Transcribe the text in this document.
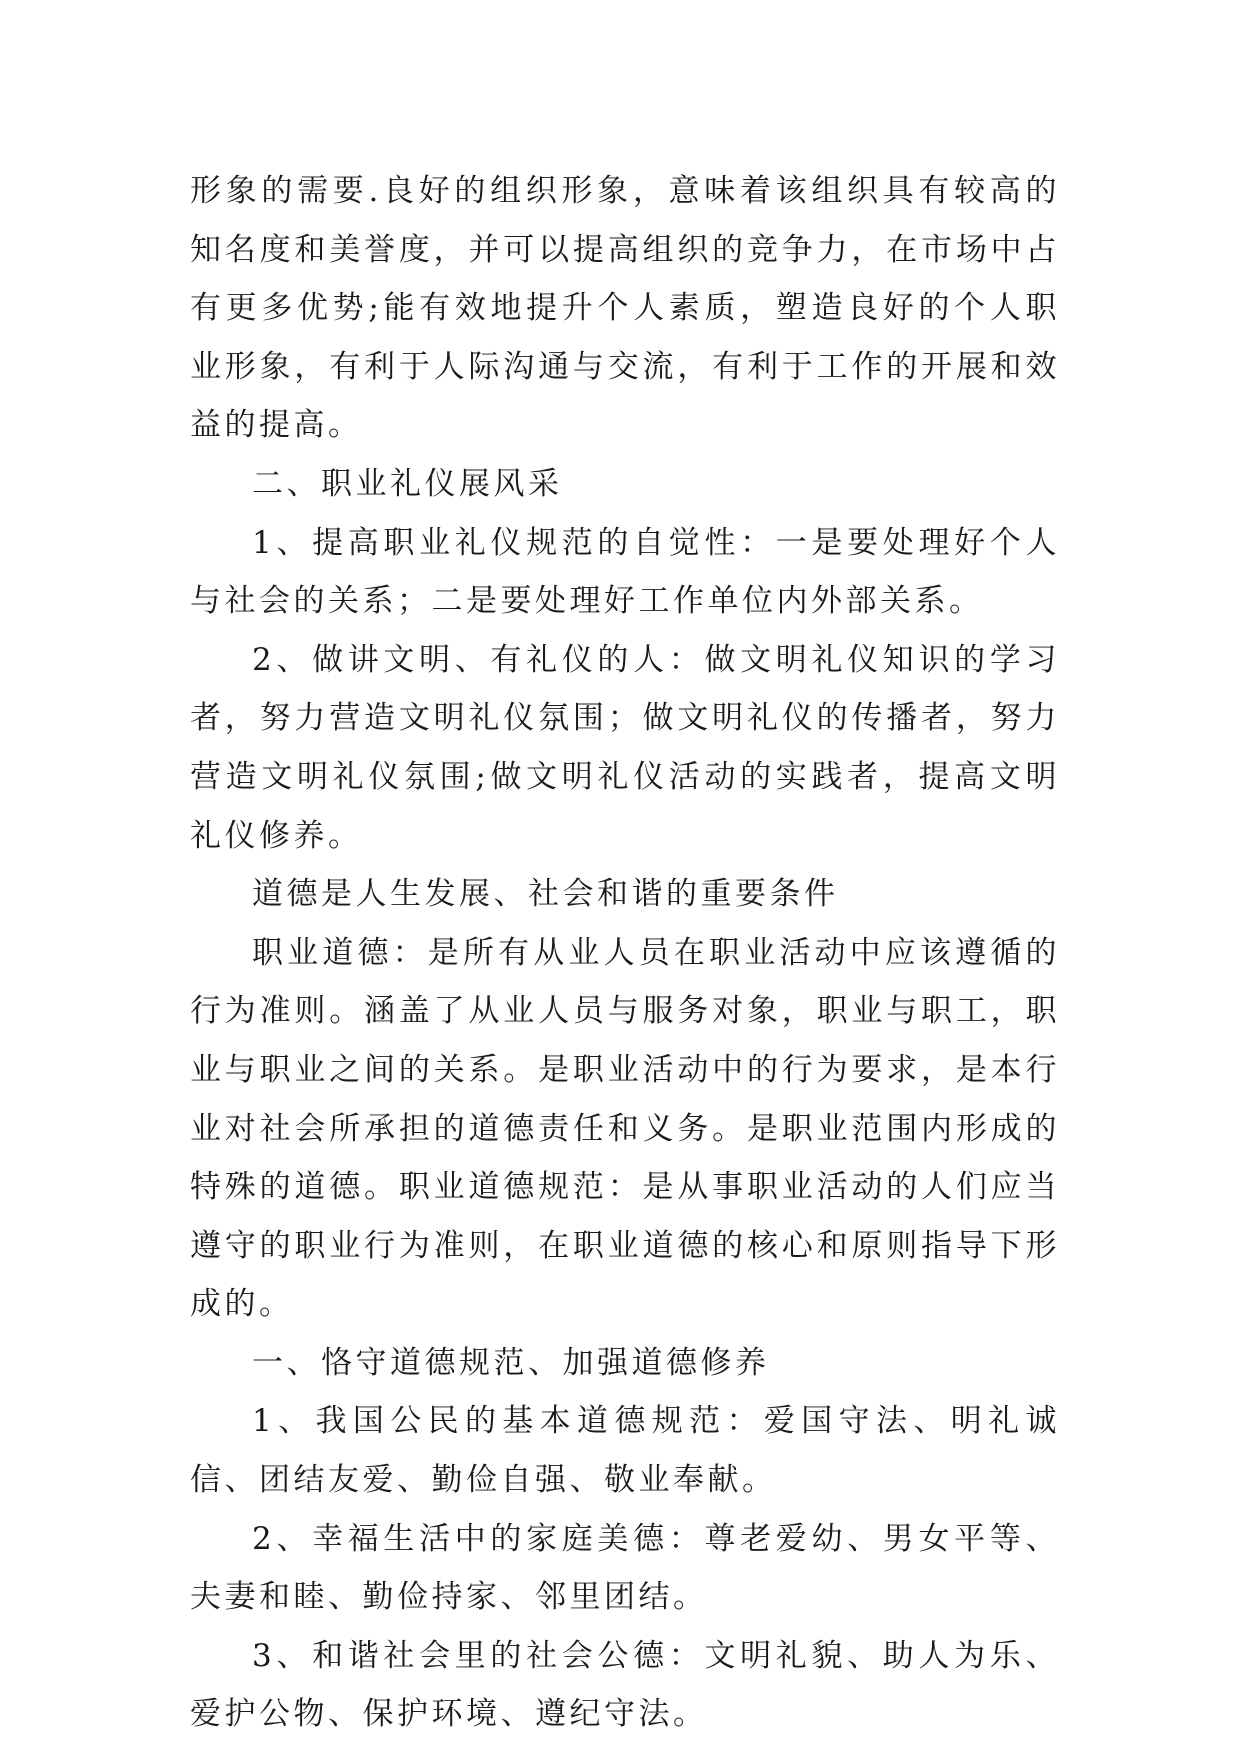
形象的需要.良好的组织形象，意味着该组织具有较高的知名度和美誉度，并可以提高组织的竞争力，在市场中占有更多优势;能有效地提升个人素质，塑造良好的个人职业形象，有利于人际沟通与交流，有利于工作的开展和效益的提高。

二、职业礼仪展风采

1、提高职业礼仪规范的自觉性：一是要处理好个人与社会的关系；二是要处理好工作单位内外部关系。

2、做讲文明、有礼仪的人：做文明礼仪知识的学习者，努力营造文明礼仪氛围；做文明礼仪的传播者，努力营造文明礼仪氛围;做文明礼仪活动的实践者，提高文明礼仪修养。

道德是人生发展、社会和谐的重要条件

职业道德：是所有从业人员在职业活动中应该遵循的行为准则。涵盖了从业人员与服务对象，职业与职工，职业与职业之间的关系。是职业活动中的行为要求，是本行业对社会所承担的道德责任和义务。是职业范围内形成的特殊的道德。职业道德规范：是从事职业活动的人们应当遵守的职业行为准则，在职业道德的核心和原则指导下形成的。

一、恪守道德规范、加强道德修养

1、我国公民的基本道德规范：爱国守法、明礼诚信、团结友爱、勤俭自强、敬业奉献。

2、幸福生活中的家庭美德：尊老爱幼、男女平等、夫妻和睦、勤俭持家、邻里团结。

3、和谐社会里的社会公德：文明礼貌、助人为乐、爱护公物、保护环境、遵纪守法。
